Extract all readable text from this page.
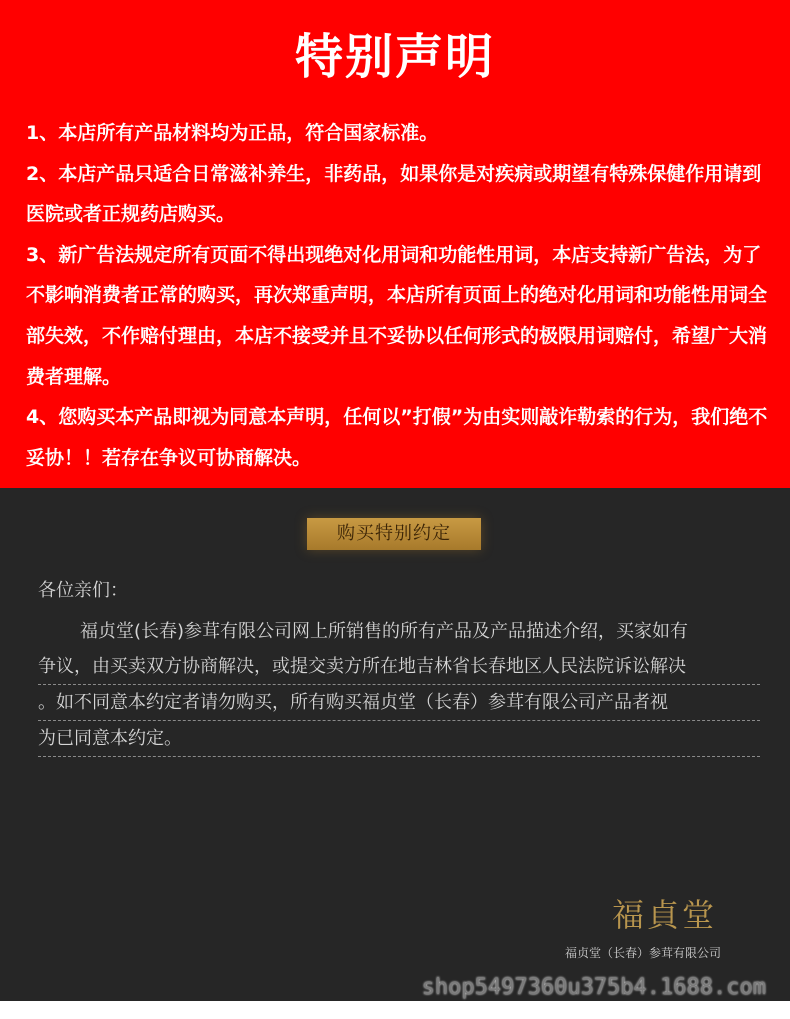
特别声明

1、本店所有产品材料均为正品，符合国家标准。

2、本店产品只适合日常滋补养生，非药品，如果你是对疾病或期望有特殊保健作用请到医院或者正规药店购买。

3、新广告法规定所有页面不得出现绝对化用词和功能性用词，本店支持新广告法，为了不影响消费者正常的购买，再次郑重声明，本店所有页面上的绝对化用词和功能性用词全部失效，不作赔付理由，本店不接受并且不妥协以任何形式的极限用词赔付，希望广大消费者理解。

4、您购买本产品即视为同意本声明，任何以”打假”为由实则敲诈勒索的行为，我们绝不妥协！！若存在争议可协商解决。

购买特别约定
各位亲们：
福贞堂(长春)参茸有限公司网上所销售的所有产品及产品描述介绍，买家如有
争议，由买卖双方协商解决，或提交卖方所在地吉林省长春地区人民法院诉讼解决
。如不同意本约定者请勿购买，所有购买福贞堂（长春）参茸有限公司产品者视
为已同意本约定。
福貞堂
福贞堂（长春）参茸有限公司
shop5497360u375b4.1688.com
